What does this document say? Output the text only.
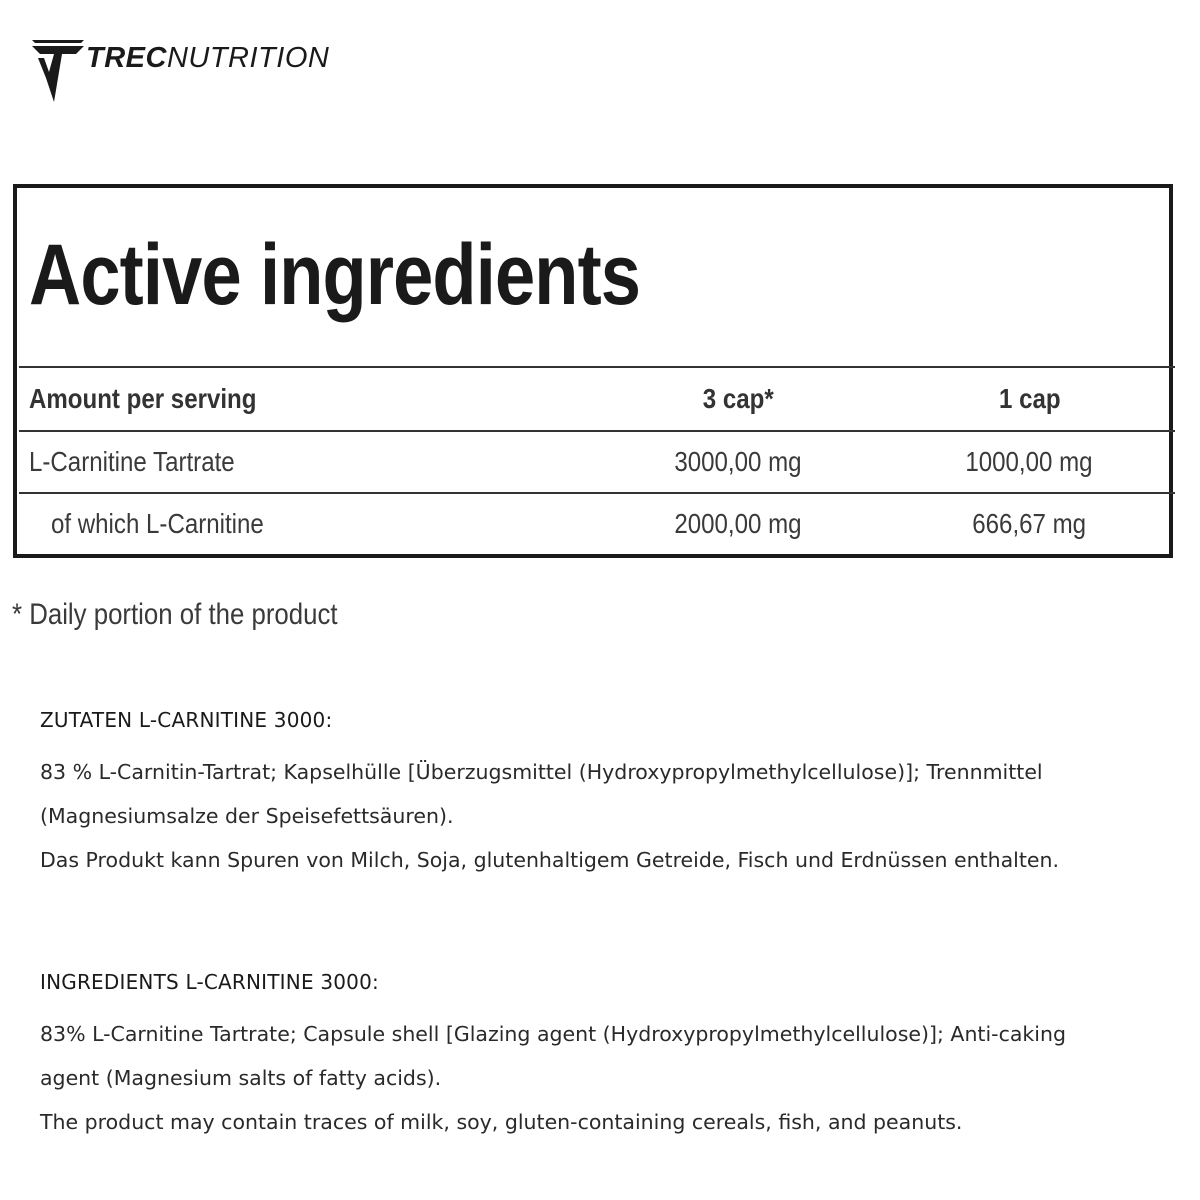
TRECNUTRITION
Active ingredients
Amount per serving	3 cap*	1 cap
L-Carnitine Tartrate	3000,00 mg	1000,00 mg
of which L-Carnitine	2000,00 mg	666,67 mg
* Daily portion of the product
ZUTATEN L-CARNITINE 3000:

83 % L-Carnitin-Tartrat; Kapselhülle [Überzugsmittel (Hydroxypropylmethylcellulose)]; Trennmittel

(Magnesiumsalze der Speisefettsäuren).

Das Produkt kann Spuren von Milch, Soja, glutenhaltigem Getreide, Fisch und Erdnüssen enthalten.

INGREDIENTS L-CARNITINE 3000:

83% L-Carnitine Tartrate; Capsule shell [Glazing agent (Hydroxypropylmethylcellulose)]; Anti-caking

agent (Magnesium salts of fatty acids).

The product may contain traces of milk, soy, gluten-containing cereals, fish, and peanuts.
